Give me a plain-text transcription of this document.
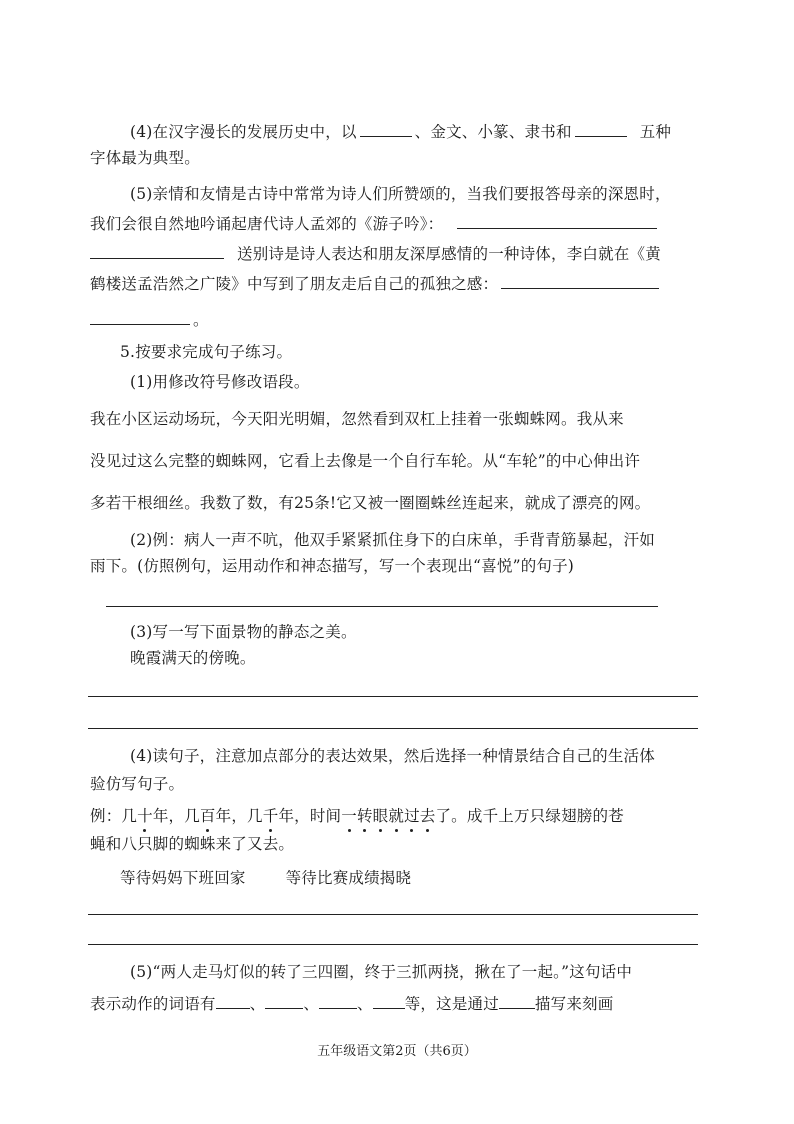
(4)在汉字漫长的发展历史中，以	、金文、小篆、隶书和	五种
字体最为典型。
(5)亲情和友情是古诗中常常为诗人们所赞颂的，当我们要报答母亲的深恩时，
我们会很自然地吟诵起唐代诗人孟郊的《游子吟》：
送别诗是诗人表达和朋友深厚感情的一种诗体，李白就在《黄
鹤楼送孟浩然之广陵》中写到了朋友走后自己的孤独之感：
。
5.按要求完成句子练习。
(1)用修改符号修改语段。
我在小区运动场玩，今天阳光明媚，忽然看到双杠上挂着一张蜘蛛网。我从来
没见过这么完整的蜘蛛网，它看上去像是一个自行车轮。从“车轮”的中心伸出许
多若干根细丝。我数了数，有25条!它又被一圈圈蛛丝连起来，就成了漂亮的网。
(2)例：病人一声不吭，他双手紧紧抓住身下的白床单，手背青筋暴起，汗如
雨下。(仿照例句，运用动作和神态描写，写一个表现出“喜悦”的句子)
(3)写一写下面景物的静态之美。
晚霞满天的傍晚。
(4)读句子，注意加点部分的表达效果，然后选择一种情景结合自己的生活体
验仿写句子。
例：几十年，几百年，几千年，时间一转眼就过去了。成千上万只绿翅膀的苍
蝇和八只脚的蜘蛛来了又去。
等待妈妈下班回家	等待比赛成绩揭晓
(5)“两人走马灯似的转了三四圈，终于三抓两挠，揪在了一起。”这句话中
表示动作的词语有 、 、 、 等，这是通过 描写来刻画
五年级语文第2页（共6页）
